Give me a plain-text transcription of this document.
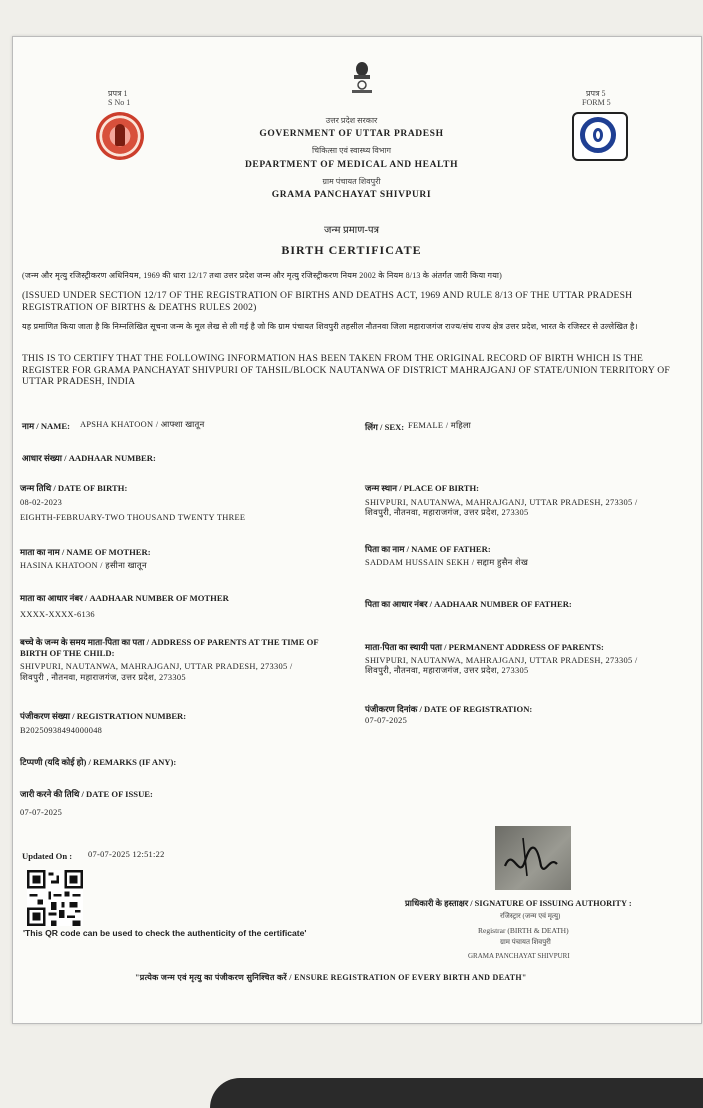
प्रपत्र 1
S No 1
प्रपत्र 5
FORM 5
उत्तर प्रदेश सरकार
GOVERNMENT OF UTTAR PRADESH
चिकित्सा एवं स्वास्थ्य विभाग
DEPARTMENT OF MEDICAL AND HEALTH
ग्राम पंचायत शिवपुरी
GRAMA PANCHAYAT SHIVPURI
जन्म प्रमाण-पत्र
BIRTH CERTIFICATE
(जन्म और मृत्यु रजिस्ट्रीकरण अधिनियम, 1969 की धारा 12/17 तथा उत्तर प्रदेश जन्म और मृत्यु रजिस्ट्रीकरण नियम 2002 के नियम 8/13 के अंतर्गत जारी किया गया)
(ISSUED UNDER SECTION 12/17 OF THE REGISTRATION OF BIRTHS AND DEATHS ACT, 1969 AND RULE 8/13 OF THE UTTAR PRADESH REGISTRATION OF BIRTHS & DEATHS RULES 2002)
यह प्रमाणित किया जाता है कि निम्नलिखित सूचना जन्म के मूल लेख से ली गई है जो कि ग्राम पंचायत शिवपुरी तहसील नौतनवा जिला महाराजगंज राज्य/संघ राज्य क्षेत्र उत्तर प्रदेश, भारत के रजिस्टर से उल्लेखित है।
THIS IS TO CERTIFY THAT THE FOLLOWING INFORMATION HAS BEEN TAKEN FROM THE ORIGINAL RECORD OF BIRTH WHICH IS THE REGISTER FOR GRAMA PANCHAYAT SHIVPURI OF TAHSIL/BLOCK NAUTANWA OF DISTRICT MAHRAJGANJ OF STATE/UNION TERRITORY OF UTTAR PRADESH, INDIA
नाम / NAME: APSHA KHATOON / आफ्शा खातून	लिंग / SEX: FEMALE / महिला
आधार संख्या / AADHAAR NUMBER:
जन्म तिथि / DATE OF BIRTH:
08-02-2023
EIGHTH-FEBRUARY-TWO THOUSAND TWENTY THREE
जन्म स्थान / PLACE OF BIRTH:
SHIVPURI, NAUTANWA, MAHRAJGANJ, UTTAR PRADESH, 273305 /
शिवपुरी, नौतनवा, महाराजगंज, उत्तर प्रदेश, 273305
माता का नाम / NAME OF MOTHER:
HASINA KHATOON / हसीना खातून
पिता का नाम / NAME OF FATHER:
SADDAM HUSSAIN SEKH / सद्दाम हुसैन शेख
माता का आधार नंबर / AADHAAR NUMBER OF MOTHER
XXXX-XXXX-6136
पिता का आधार नंबर / AADHAAR NUMBER OF FATHER:
बच्चे के जन्म के समय माता-पिता का पता / ADDRESS OF PARENTS AT THE TIME OF
BIRTH OF THE CHILD:
SHIVPURI, NAUTANWA, MAHRAJGANJ, UTTAR PRADESH, 273305 /
शिवपुरी , नौतनवा, महाराजगंज, उत्तर प्रदेश, 273305
माता-पिता का स्थायी पता / PERMANENT ADDRESS OF PARENTS:
SHIVPURI, NAUTANWA, MAHRAJGANJ, UTTAR PRADESH, 273305 /
शिवपुरी, नौतनवा, महाराजगंज, उत्तर प्रदेश, 273305
पंजीकरण संख्या / REGISTRATION NUMBER:
B20250938494000048
पंजीकरण दिनांक / DATE OF REGISTRATION:
07-07-2025
टिप्पणी (यदि कोई हो) / REMARKS (IF ANY):
जारी करने की तिथि / DATE OF ISSUE:
07-07-2025
Updated On : 07-07-2025 12:51:22
'This QR code can be used to check the authenticity of the certificate'
प्राधिकारी के हस्ताक्षर / SIGNATURE OF ISSUING AUTHORITY :
रजिस्ट्रार (जन्म एवं मृत्यु)
Registrar (BIRTH & DEATH)
ग्राम पंचायत शिवपुरी
GRAMA PANCHAYAT SHIVPURI
"प्रत्येक जन्म एवं मृत्यु का पंजीकरण सुनिश्चित करें / ENSURE REGISTRATION OF EVERY BIRTH AND DEATH"
